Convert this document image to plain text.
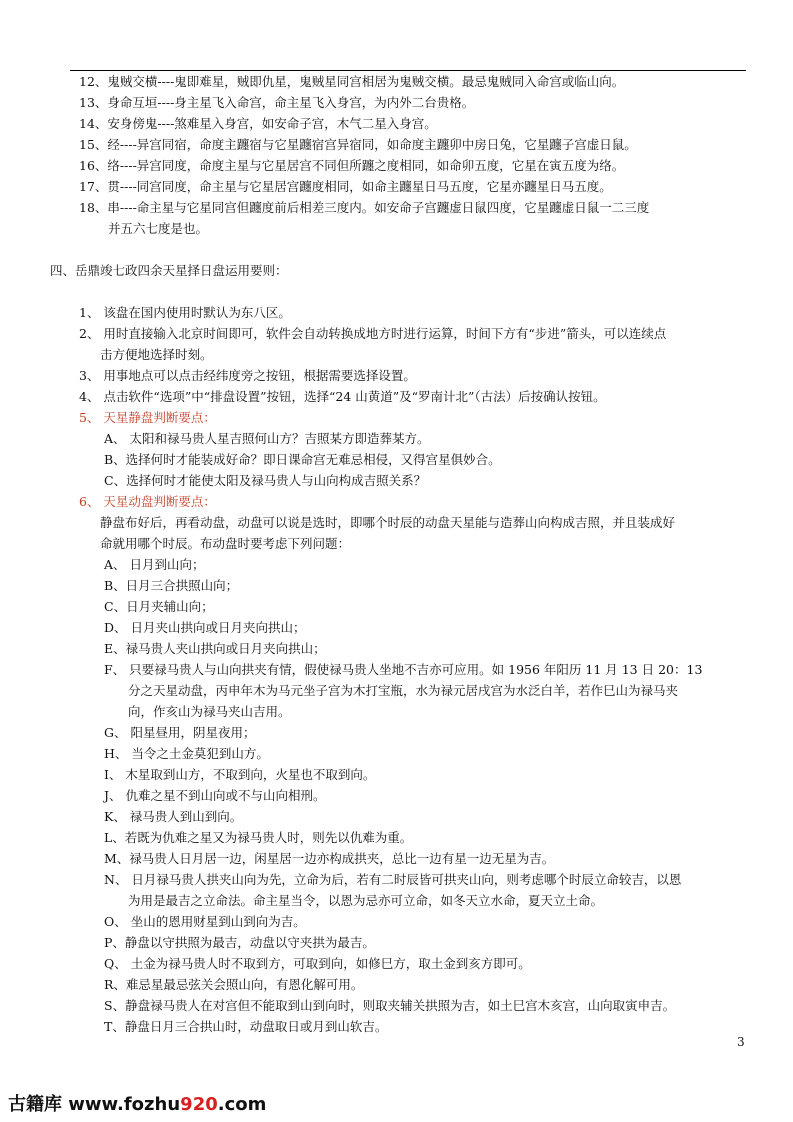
12、鬼贼交横----鬼即难星，贼即仇星，鬼贼星同宫相居为鬼贼交横。最忌鬼贼同入命宫或临山向。
13、身命互垣----身主星飞入命宫，命主星飞入身宫，为内外二台贵格。
14、安身傍鬼----煞难星入身宫，如安命子宫，木气二星入身宫。
15、经----异宫同宿，命度主躔宿与它星躔宿宫异宿同，如命度主躔卯中房日兔，它星躔子宫虚日鼠。
16、络----异宫同度，命度主星与它星居宫不同但所躔之度相同，如命卯五度，它星在寅五度为络。
17、贯----同宫同度，命主星与它星居宫躔度相同，如命主躔星日马五度，它星亦躔星日马五度。
18、串----命主星与它星同宫但躔度前后相差三度内。如安命子宫躔虚日鼠四度，它星躔虚日鼠一二三度
并五六七度是也。
四、岳鼎竣七政四余天星择日盘运用要则：
1、 该盘在国内使用时默认为东八区。
2、 用时直接输入北京时间即可，软件会自动转换成地方时进行运算，时间下方有“步进”箭头，可以连续点
击方便地选择时刻。
3、 用事地点可以点击经纬度旁之按钮，根据需要选择设置。
4、 点击软件“选项”中“排盘设置”按钮，选择“24 山黄道”及“罗南计北”（古法）后按确认按钮。
5、 天星静盘判断要点：
A、 太阳和禄马贵人星吉照何山方？吉照某方即造葬某方。
B、选择何时才能装成好命？即日课命宫无难忌相侵，又得宫星俱妙合。
C、选择何时才能使太阳及禄马贵人与山向构成吉照关系？
6、 天星动盘判断要点：
静盘布好后，再看动盘，动盘可以说是选时，即哪个时辰的动盘天星能与造葬山向构成吉照，并且装成好
命就用哪个时辰。布动盘时要考虑下列问题：
A、 日月到山向；
B、日月三合拱照山向；
C、日月夹辅山向；
D、 日月夹山拱向或日月夹向拱山；
E、禄马贵人夹山拱向或日月夹向拱山；
F、 只要禄马贵人与山向拱夹有情，假使禄马贵人坐地不吉亦可应用。如 1956 年阳历 11 月 13 日 20：13
分之天星动盘，丙申年木为马元坐子宫为木打宝瓶，水为禄元居戌宫为水泛白羊，若作巳山为禄马夹
向，作亥山为禄马夹山吉用。
G、 阳星昼用，阴星夜用；
H、 当令之土金莫犯到山方。
I、 木星取到山方，不取到向，火星也不取到向。
J、 仇难之星不到山向或不与山向相刑。
K、 禄马贵人到山到向。
L、若既为仇难之星又为禄马贵人时，则先以仇难为重。
M、禄马贵人日月居一边，闲星居一边亦构成拱夹，总比一边有星一边无星为吉。
N、 日月禄马贵人拱夹山向为先，立命为后，若有二时辰皆可拱夹山向，则考虑哪个时辰立命较吉，以恩
为用是最吉之立命法。命主星当令，以恩为忌亦可立命，如冬天立水命，夏天立土命。
O、 坐山的恩用财星到山到向为吉。
P、静盘以守拱照为最吉，动盘以守夹拱为最吉。
Q、 土金为禄马贵人时不取到方，可取到向，如修巳方，取土金到亥方即可。
R、难忌星最忌弦关会照山向，有恩化解可用。
S、静盘禄马贵人在对宫但不能取到山到向时，则取夹辅关拱照为吉，如土巳宫木亥宫，山向取寅申吉。
T、静盘日月三合拱山时，动盘取日或月到山软吉。
3
古籍库 www.fozhu920.com
